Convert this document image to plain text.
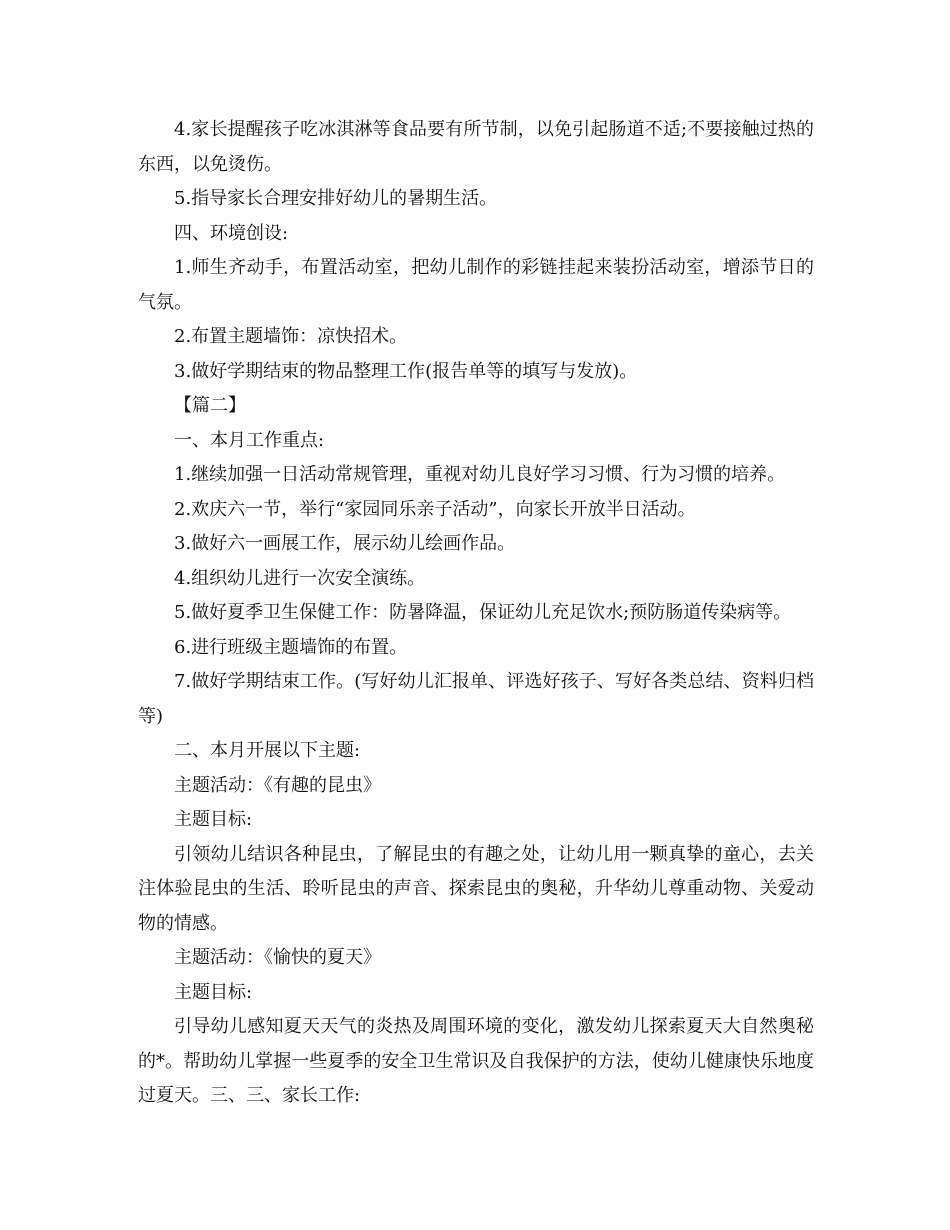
4.家长提醒孩子吃冰淇淋等食品要有所节制，以免引起肠道不适;不要接触过热的东西，以免烫伤。

5.指导家长合理安排好幼儿的暑期生活。

四、环境创设:

1.师生齐动手，布置活动室，把幼儿制作的彩链挂起来装扮活动室，增添节日的气氛。

2.布置主题墙饰：凉快招术。

3.做好学期结束的物品整理工作(报告单等的填写与发放)。

【篇二】

一、本月工作重点:

1.继续加强一日活动常规管理，重视对幼儿良好学习习惯、行为习惯的培养。

2.欢庆六一节，举行“家园同乐亲子活动”，向家长开放半日活动。

3.做好六一画展工作，展示幼儿绘画作品。

4.组织幼儿进行一次安全演练。

5.做好夏季卫生保健工作：防暑降温，保证幼儿充足饮水;预防肠道传染病等。

6.进行班级主题墙饰的布置。

7.做好学期结束工作。(写好幼儿汇报单、评选好孩子、写好各类总结、资料归档等)

二、本月开展以下主题:

主题活动：《有趣的昆虫》

主题目标:

引领幼儿结识各种昆虫，了解昆虫的有趣之处，让幼儿用一颗真挚的童心，去关注体验昆虫的生活、聆听昆虫的声音、探索昆虫的奥秘，升华幼儿尊重动物、关爱动物的情感。

主题活动：《愉快的夏天》

主题目标:

引导幼儿感知夏天天气的炎热及周围环境的变化，激发幼儿探索夏天大自然奥秘的*。帮助幼儿掌握一些夏季的安全卫生常识及自我保护的方法，使幼儿健康快乐地度过夏天。三、三、家长工作:
